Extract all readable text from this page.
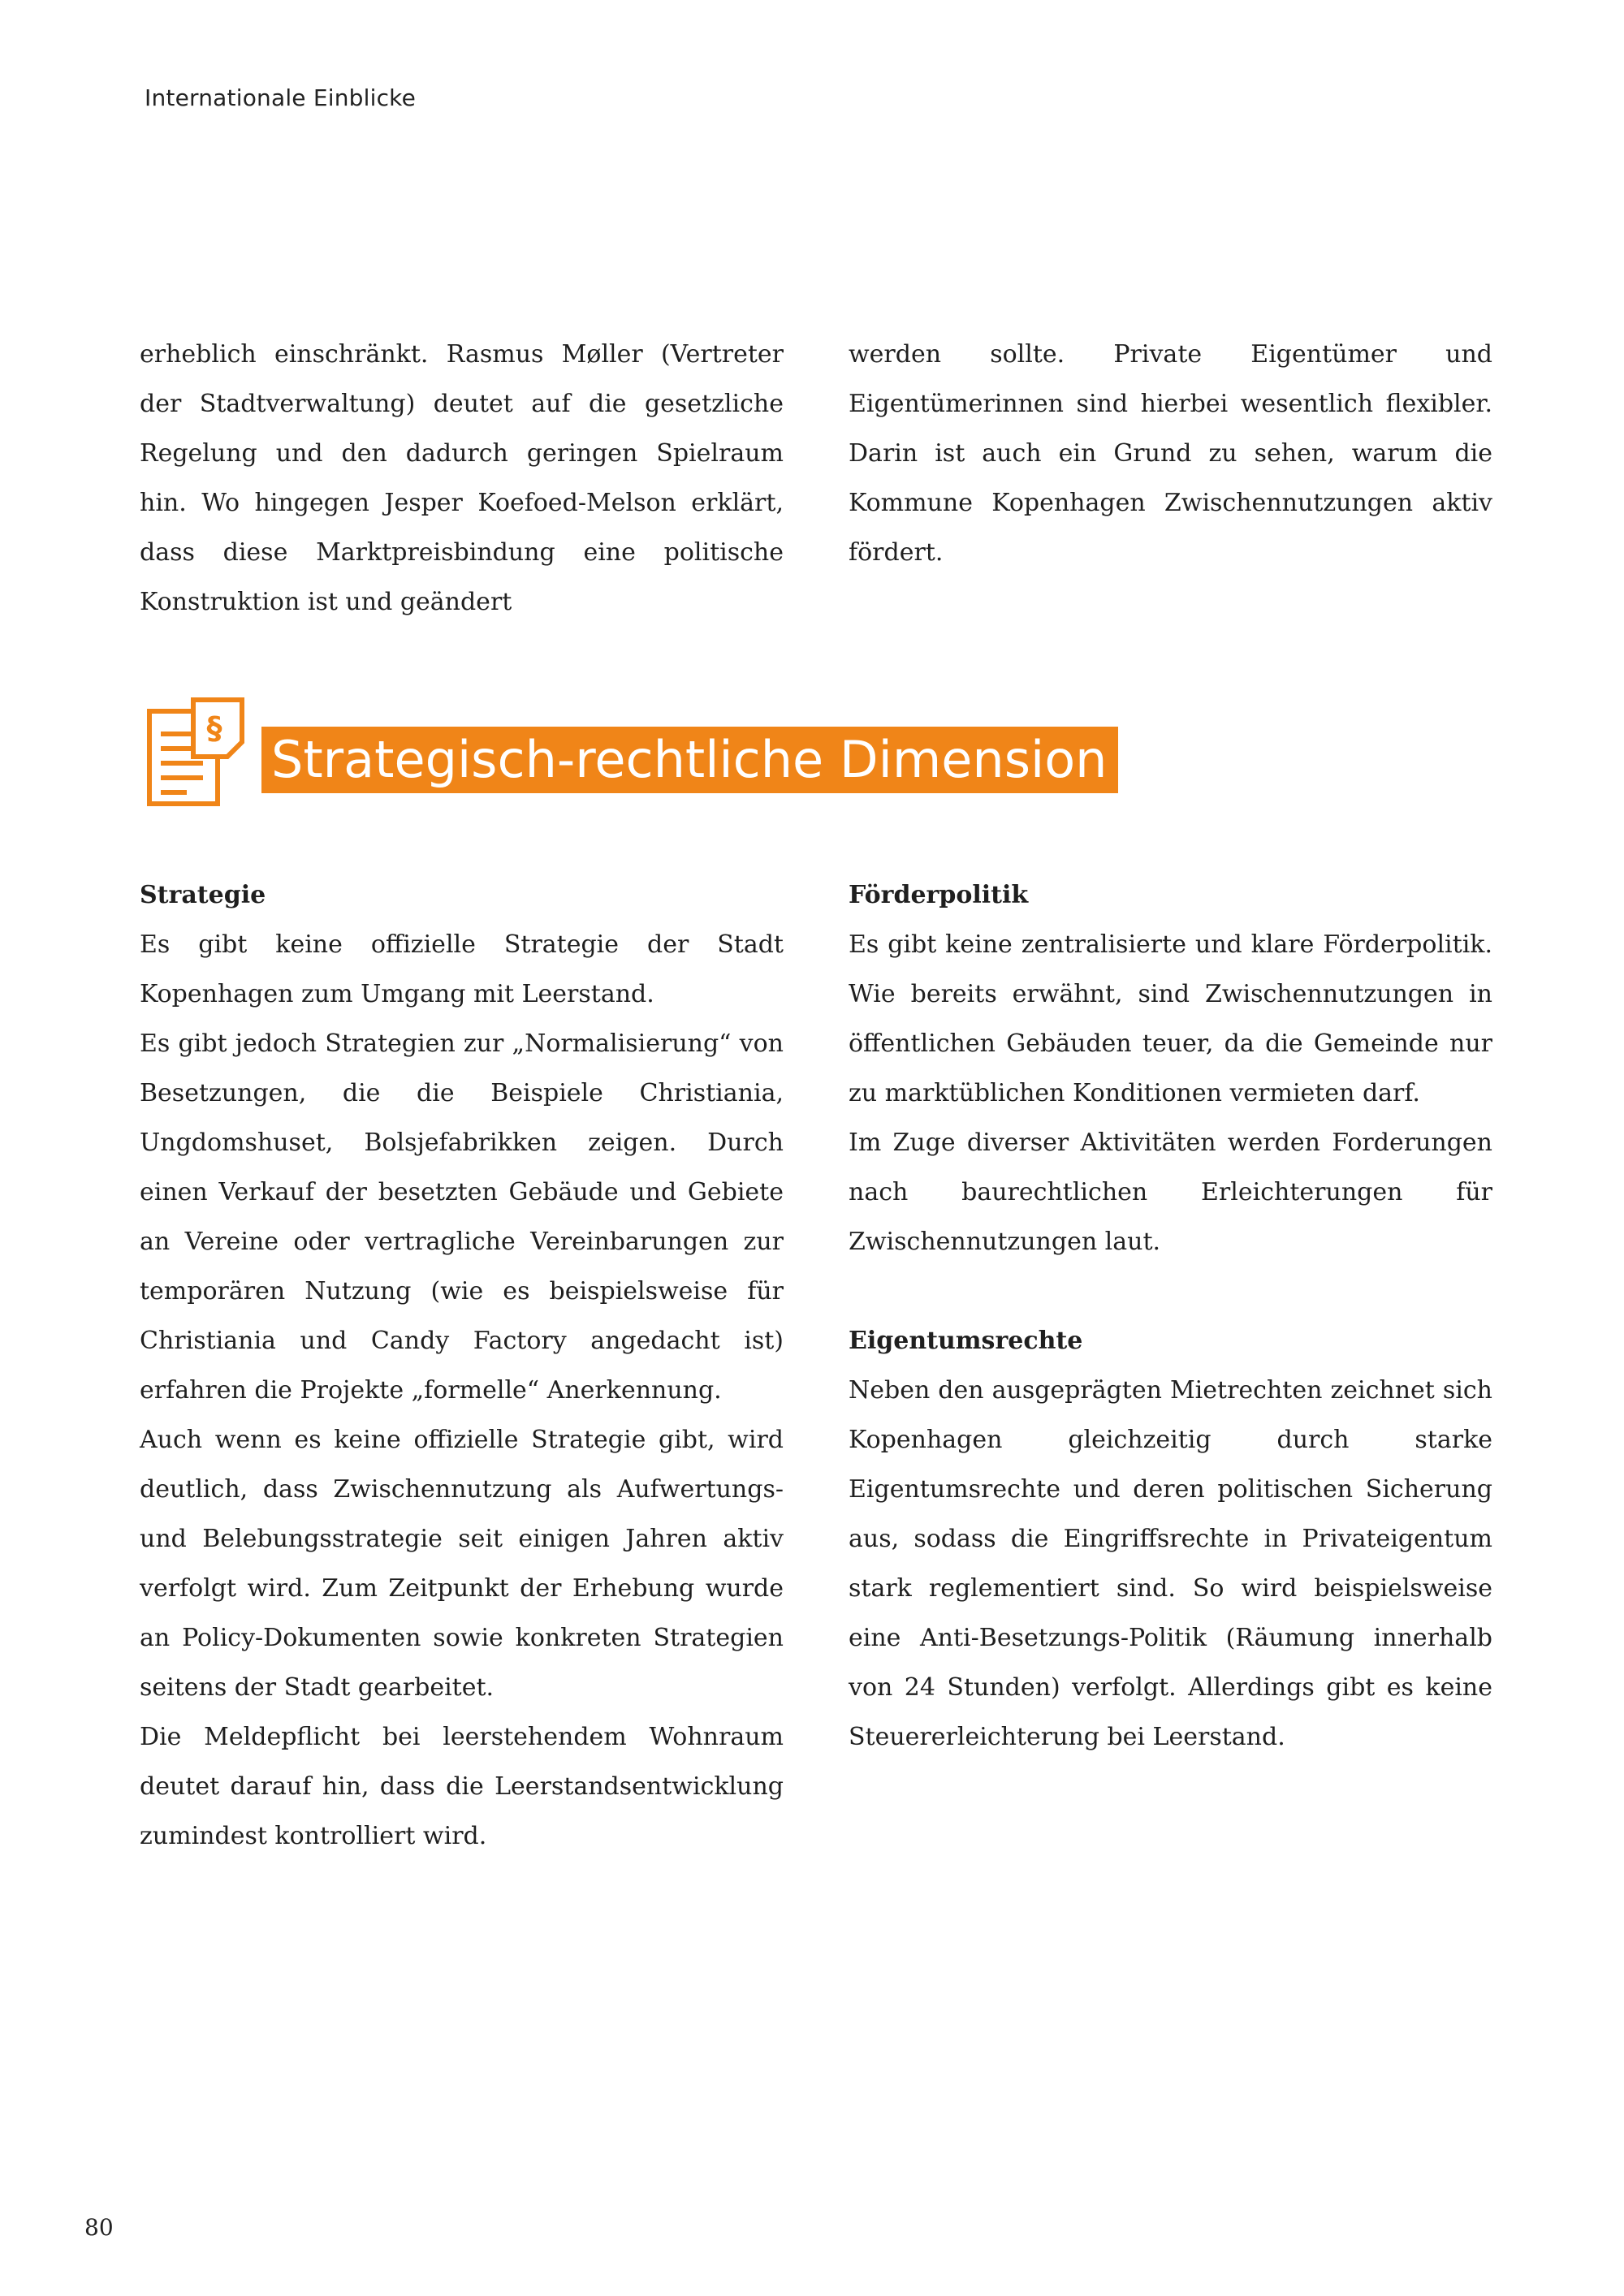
Internationale Einblicke

erheblich einschränkt. Rasmus Møller (Vertreter der Stadtverwaltung) deutet auf die gesetzliche Regelung und den dadurch geringen Spielraum hin. Wo hingegen Jesper Koefoed-Melson erklärt, dass diese Marktpreisbindung eine politische Konstruktion ist und geändert

werden sollte. Private Eigentümer und Eigentümerinnen sind hierbei wesentlich flexibler. Darin ist auch ein Grund zu sehen, warum die Kommune Kopenhagen Zwischennutzungen aktiv fördert.

§
Strategisch-rechtliche Dimension
Strategie

Es gibt keine offizielle Strategie der Stadt Kopenhagen zum Umgang mit Leerstand.

Es gibt jedoch Strategien zur „Normalisierung“ von Besetzungen, die die Beispiele Christiania, Ungdomshuset, Bolsjefabrikken zeigen. Durch einen Verkauf der besetzten Gebäude und Gebiete an Vereine oder vertragliche Vereinbarungen zur temporären Nutzung (wie es beispielsweise für Christiania und Candy Factory angedacht ist) erfahren die Projekte „formelle“ Anerkennung.

Auch wenn es keine offizielle Strategie gibt, wird deutlich, dass Zwischennutzung als Aufwertungs- und Belebungsstrategie seit einigen Jahren aktiv verfolgt wird. Zum Zeitpunkt der Erhebung wurde an Policy-Dokumenten sowie konkreten Strategien seitens der Stadt gearbeitet.

Die Meldepflicht bei leerstehendem Wohnraum deutet darauf hin, dass die Leerstandsentwicklung zumindest kontrolliert wird.

Förderpolitik

Es gibt keine zentralisierte und klare Förderpolitik. Wie bereits erwähnt, sind Zwischennutzungen in öffentlichen Gebäuden teuer, da die Gemeinde nur zu marktüblichen Konditionen vermieten darf.

Im Zuge diverser Aktivitäten werden Forderungen nach baurechtlichen Erleichterungen für Zwischennutzungen laut.

Eigentumsrechte

Neben den ausgeprägten Mietrechten zeichnet sich Kopenhagen gleichzeitig durch starke Eigentumsrechte und deren politischen Sicherung aus, sodass die Eingriffsrechte in Privateigentum stark reglementiert sind. So wird beispielsweise eine Anti-Besetzungs-Politik (Räumung innerhalb von 24 Stunden) verfolgt. Allerdings gibt es keine Steuererleichterung bei Leerstand.

80
